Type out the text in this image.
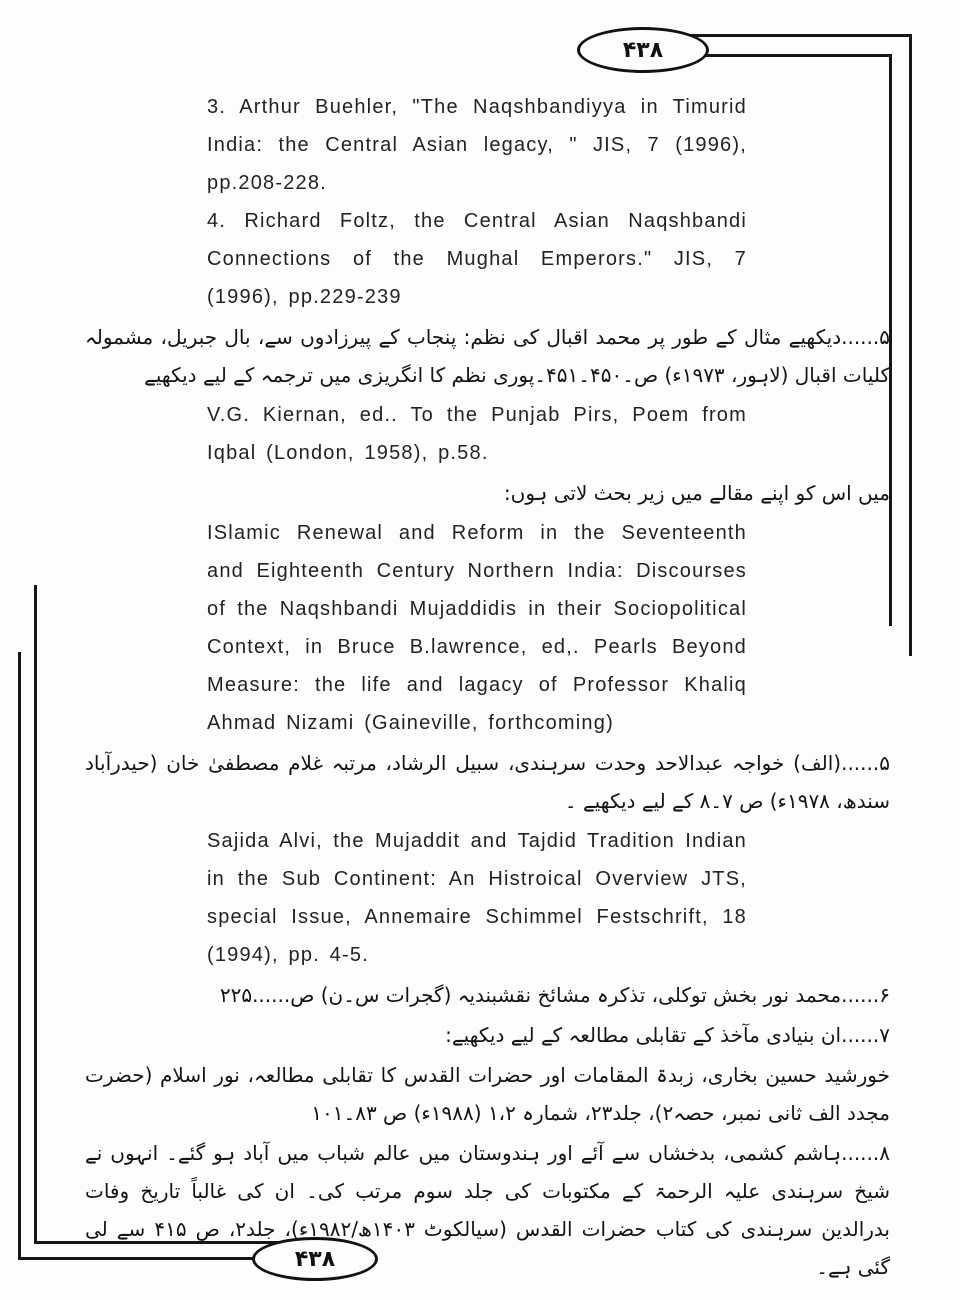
۴۳۸
۴۳۸
3. Arthur Buehler, "The Naqshbandiyya in Timurid India: the Central Asian legacy, " JIS, 7 (1996), pp.208-228.
4. Richard Foltz, the Central Asian Naqshbandi Connections of the Mughal Emperors." JIS, 7 (1996), pp.229-239
۵......دیکھیے مثال کے طور پر محمد اقبال کی نظم: پنجاب کے پیرزادوں سے، بال جبریل، مشمولہ کلیات اقبال (لاہور، ۱۹۷۳ء) ص۔۴۵۰۔۴۵۱۔پوری نظم کا انگریزی میں ترجمہ کے لیے دیکھیے
V.G. Kiernan, ed.. To the Punjab Pirs, Poem from Iqbal (London, 1958), p.58.
میں اس کو اپنے مقالے میں زیر بحث لاتی ہوں:
ISlamic Renewal and Reform in the Seventeenth and Eighteenth Century Northern India: Discourses of the Naqshbandi Mujaddidis in their Sociopolitical Context, in Bruce B.lawrence, ed,. Pearls Beyond Measure: the life and lagacy of Professor Khaliq Ahmad Nizami (Gaineville, forthcoming)
۵......(الف) خواجہ عبدالاحد وحدت سرہندی، سبیل الرشاد، مرتبہ غلام مصطفیٰ خان (حیدرآباد سندھ، ۱۹۷۸ء) ص ۷۔۸ کے لیے دیکھیے ۔
Sajida Alvi, the Mujaddit and Tajdid Tradition Indian in the Sub Continent: An Histroical Overview JTS, special Issue, Annemaire Schimmel Festschrift, 18 (1994), pp. 4-5.
۶......محمد نور بخش توکلی، تذکرہ مشائخ نقشبندیہ (گجرات س۔ن) ص......۲۲۵
۷......ان بنیادی مآخذ کے تقابلی مطالعہ کے لیے دیکھیے:
خورشید حسین بخاری، زبدۃ المقامات اور حضرات القدس کا تقابلی مطالعہ، نور اسلام (حضرت مجدد الف ثانی نمبر، حصہ۲)، جلد۲۳، شمارہ ۱،۲ (۱۹۸۸ء) ص ۸۳۔۱۰۱
۸......ہاشم کشمی، بدخشاں سے آئے اور ہندوستان میں عالم شباب میں آباد ہو گئے۔ انہوں نے شیخ سرہندی علیہ الرحمۃ کے مکتوبات کی جلد سوم مرتب کی۔ ان کی غالباً تاریخ وفات بدرالدین سرہندی کی کتاب حضرات القدس (سیالکوٹ ۱۴۰۳ھ/۱۹۸۲ء)، جلد۲، ص ۴۱۵ سے لی گئی ہے۔
